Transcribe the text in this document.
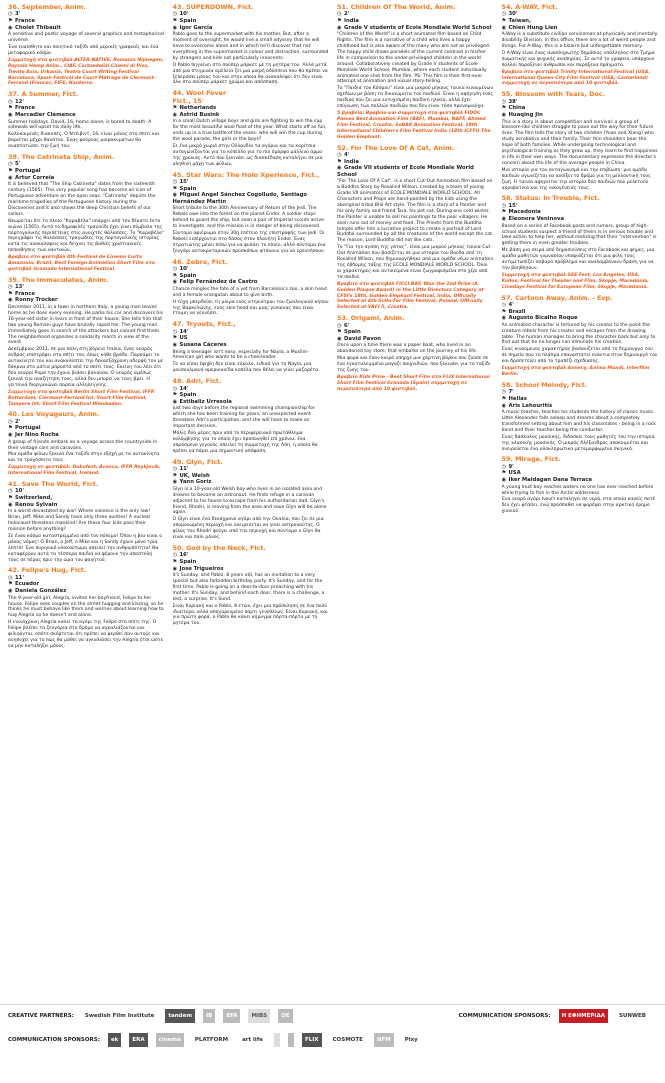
36. September, Anim.
◷ 3'
⚑ France
◉ Cholet Thibault
A sensitive and poetic voyage of several graphics and metaphorical universe.
Ένα ευαίσθητο και ποιητικό ταξίδι από μερικές γραφικές και ένα μεταφορικό κόσμο.
Συμμετοχή στα φεστιβάλ ALTER-NATIVE, Romania Nijmegen, Paysala Hemp Anim., CIAF, Cortoedelizi Cinemi di Pisa, Trento Asia, Urbania, Teatro Court Writing Festival Barcelona, Spain Festival de Court Métrage de Clermont-Ferrand (France), FIFE, Nanterre.
37. A Summer, Fict.
◷ 12'
⚑ France
◉ Marcadier Clémence
Summer holidays. David, 16, home alone, is bored to death. A sidewalk will upset his daily life.
Καλοκαιρινές διακοπές. Ο Ντέιβιντ, 16, είναι μόνος στο σπίτι και βαριέται μέχρι θανάτου. Ένας φούρνος μικροκυμάτων θα αναστατώσει την ζωή του.
38. The Catrineta Ship, Anim.
◷ 5'
⚑ Portugal
◉ Artur Correia
It is believed that "The Ship Catrineta" dates from the sixteenth century (1565). This very popular song has become an icon of Portuguese adventure on the open seas. "Catrineta" depicts the maritime tragedies of the Portuguese history during the Discoveries and it also shows the deep Christian beliefs of our sailors.
Θεωρείται ότι το πλοίο "Καραβέλα" υπάρχει από τον δέκατο έκτο αιώνα (1565). Αυτό το δημοφιλές τραγούδι έχει γίνει σύμβολο της πορτογαλικής περιπέτειας στις ανοιχτές θάλασσες. Το "Καραβέλα" περιγράφει τις θαλάσσιες τραγωδίες της πορτογαλικής ιστορίας κατά τις ανακαλύψεις και δείχνει τις βαθιές χριστιανικές πεποιθήσεις των ναυτικών.
Βραβείο στο φεστιβάλ 4th Festival de Cinema Curta Amazonia, Brazil, Best Foreign Animation Short Film στο φεστιβάλ Gramado International Festival.
39. The Immaculates, Anim.
◷ 13'
⚑ France
◉ Ronny Trocker
December 2011, in a town in northern Italy, a young man leaves home as he does every evening. He parks his car and discovers his 16-year-old sister in tears in front of their house: She tells him that two young Romani guys have brutally raped her. The young man immediately goes in search of the attackers but cannot find them. The neighborhood organizes a solidarity march in view of the event.
Δεκέμβριος 2011, σε μια πόλη στη βόρεια Ιταλία, ένας νεαρός άνδρας επιστρέφει στο σπίτι του, όπως κάθε βράδυ. Παρκάρει το αυτοκίνητό του και ανακαλύπτει την δεκαεξάχρονη αδερφή του με δάκρυα στο μάτια μπροστά από το σπίτι τους. Εκείνη του λέει ότι δύο νεαροί Ρομά την έχουν βιάσει βάναυσα. Ο νεαρός αμέσως ξεκινά την αναζήτηση τους, αλλά δεν μπορεί να τους βρει. Η γειτονιά διοργανώνει πορεία αλληλεγγύης.
Συμμετοχή στα φεστιβάλ Berlin Short Film Festival, IFFR Rotterdam, Clermont-Ferrand Int. Short Film Festival, Tampere Int. Short Film Festival Wiesbaden.
40. Les Voyageurs, Anim.
◷ 2'
⚑ Portugal
◉ Jer Nino Rocha
A group of friends embark on a voyage across the countryside in their vintage cars and caravans.
Μια ομάδα φίλων ξεκινά ένα ταξίδι στην εξοχή με τα αυτοκίνητα και τα τροχόσπιτα τους.
Συμμετοχή σε φεστιβάλ: Dokufest, Avanca, IFFR Reykjavik, International Film Festival, Iceland.
41. Save The World, Fict.
◷ 10'
⚑ Switzerland,
◉ Renou Sylvain
In a world devastated by war! Where violence is the only law! Brian, Jeff, Mike and Sandy have only three aunties! A nuclear holocaust threatens mankind! Are these four kids pass their mission before anything?
Σε έναν κόσμο καταστρεμμένο από τον πόλεμο! Όπου η βία είναι ο μόνος νόμος! Ο Brian, ο Jeff, ο Mike και η Sandy έχουν μόνο τρία λεπτά! Ένα πυρηνικό ολοκαύτωμα απειλεί την ανθρωπότητα! Θα καταφέρουν αυτά τα τέσσερα παιδιά να φέρουν την αποστολή τους σε πέρας πριν την ώρα του φαγητού;
42. Felipe's Hug, Fict.
◷ 11'
⚑ Ecuador
◉ Daniela González
The 9-year-old girl, Alegría, invites her boyfriend, Felipe to her house. Felipe sees couples on the street hugging and kissing, so he thinks he must behave like them and worries about learning how to hug Alegría so he doesn't end alone.
Η εννιάχρονη Alegría καλεί το αγόρι της Felipe στο σπίτι της. Ο Felipe βλέπει τα ζευγάρια στο δρόμο να αγκαλιάζονται και φιλιούνται, οπότε σκέφτεται ότι πρέπει να φερθεί σαν αυτούς και ανησυχεί για το πώς θα μάθει να αγκαλιάσει την Alegría έτσι ώστε να μην καταλήξει μόνος.
43. SUPERDOWN, Fict.
◷ 10'
⚑ Spain
◉ Igor García
Pablo goes to the supermarket with his mother. But, after a moment of oversight, he would live a small odyssey that he will have to overcome alone and in which he'll discover that not everything in the supermarket is colour and distraction, surrounded by strangers and kids not particularly innocents.
Ο Pablo πηγαίνει στο σούπερ μάρκετ με τη μητέρα του. Αλλά μετά από μια στιγμιαία αμέλεια ζει μια μικρή οδύσσεια που θα πρέπει να ξεπεράσει μόνος του και στην οποία θα ανακαλύψει ότι δεν είναι όλα στο σούπερ μάρκετ χρώμα και απόσπαση.
44. Wool Fever
Fict., 15'
⚑ Netherlands
◉ Astrid Busink
In a small Dutch village boys and girls are fighting to win the cup for the most beautiful wool float of the year. What starts off as fun, ends up in a true battle of the sexes: who will win the cup during the wool parade, the girls or the boys?
Σε ένα μικρό χωριό στην Ολλανδία τα αγόρια και τα κορίτσια ανταγωνίζονται για το κύπελλο για το πιο όμορφο μάλλινο άρμα της χρονιάς. Αυτό που ξεκινάει ως διασκέδαση καταλήγει σε μια αληθινή μάχη των φύλων.
45. Star Wars: The Holo Xperience, Fict.,
◷ 15'
⚑ Spain
◉ Miguel Angel Sánchez Cogolludo, Santiago Hernández Martín
Short tribute to the 30th Anniversary of Return of the Jedi. The Rebels owe into the forest on the planet Endor. A soldier stays behind to guard the ship, but soon a pair of Imperial scouts arrive to investigate, and the mission is in danger of being discovered.
Σύντομο αφιέρωμα στην 30ή επέτειο της επιστροφής των Jedi. Οι Rebels εισέρχονται στο δάσος στον πλανήτη Endor. Ένας στρατιώτης μένει πίσω για να φυλάει το πλοίο, αλλά σύντομα ένα ζευγάρι αυτοκρατορικών προσκόπων φτάνουν για να ερευνήσουν.
46. Zebra, Fict.
◷ 10'
⚑ Spain
◉ Felip Fernández de Castro
Chance mingles the fate of a vet from Barcelona's zoo, a skin head and a female orangutan about to give birth.
Η τύχη μπερδεύει τη μοίρα ενός κτηνιάτρου του ζωολογικού κήπου της Βαρκελώνης, ενός skin head και μιας γυναίκας που είναι έτοιμη να γεννήσει.
47. Tryouts, Fict.,
◷ 14'
⚑ US
◉ Susana Cáceres
Being a teenager isn't easy, especially for Nayla, a Muslim-American girl who wants to be a cheerleader.
Το να είσαι έφηβη δεν είναι εύκολο, ειδικά για τη Nayla, μια μουσουλμανή-αμερικανίδα κοπέλα που θέλει να γίνει μαζορέτα.
48. Adri, Fict.
◷ 14'
⚑ Spain
◉ Estibaliz Urresola
Just two days before the regional swimming championship for which she has been training for years, an unexpected event threatens Adri's participation, and she will have to make an important decision.
Μόλις δύο μέρες πριν από το περιφερειακό πρωτάθλημα κολύμβησης για το οποίο έχει προπονηθεί επί χρόνια, ένα απρόσμενο γεγονός απειλεί τη συμμετοχή της Adri, η οποία θα πρέπει να πάρει μια σημαντική απόφαση.
49. Glyn, Fict.
◷ 11'
⚑ UK, Welsh
◉ Yann Goriz
Glyn is a 10-year-old Welsh boy who lives in an isolated area and dreams to become an astronaut. He finds refuge in a caravan adjacent to his house to escape from his authoritarian dad. Glyn's friend, Rhodri, is moving from the area and soon Glyn will be alone again.
Ο Glyn είναι ένα δεκάχρονο αγόρι από την Ουαλία, που ζει σε μια απομονωμένη περιοχή και ονειρεύεται να γίνει αστροναύτης. Ο φίλος του Rhodri φεύγει από την περιοχή και σύντομα ο Glyn θα είναι και πάλι μόνος.
50. God by the Neck, Fict.
◷ 16'
⚑ Spain
◉ Jose Trigueiros
It's Sunday, and Pablo, 8 years old, has an invitation to a very special but also forbidden birthday party. It's Sunday, and for the first time, Pablo is going on a door-to-door preaching with his mother. It's Sunday, and behind each door, there is a challenge, a test, a surprise. It's Sund.
Είναι Κυριακή και ο Pablo, 8 ετών, έχει μια πρόσκληση σε ένα πολύ ιδιαίτερο, αλλά απαγορευμένο πάρτι γενεθλίων. Είναι Κυριακή, και για πρώτη φορά, ο Pablo θα κάνει κήρυγμα πόρτα-πόρτα με τη μητέρα του.
51. Children Of The World, Anim.
◷ 2'
⚑ India
◉ Grade V students of Ecole Mondiale World School
"Children of the World" is a short animated film based on Child Rights. The film is a narrative of a child who lives a happy childhood but is also aware of the many who are not as privileged. The happy child draws parallels of the current contrast in his/her life in comparison to the under-privileged children in the world around. Collaboratively created by Grade V students of Ecole Mondiale World School, Mumbai, where each student individually animated one shot from the film. PS: This film is their first-ever attempt at animation and visual story-telling.
Το "Παιδιά του Κόσμου" είναι μια μικρού μήκους ταινία κινουμένων σχεδίων με βάση τα δικαιώματα του παιδιού. Είναι η αφήγηση ενός παιδιού που ζει μια ευτυχισμένη παιδική ηλικία, αλλά έχει επίγνωση των πολλών παιδιών που δεν είναι τόσο προνομιούχα.
5 βραβεία: Βραβείο και συμμετοχή στα φεστιβάλ FIDOC Passes Best Animation Film (BAF), Mumbai, NAFF, Ahmed Film Festival, Croatia, SoBAK Animation Festival, 18th International Children's Film Festival India (18th ICFFI) The Golden Elephant.
52. For The Love Of A Cat, Anim.
◷ 4'
⚑ India
◉ Grade VII students of Ecole Mondiale World School
"For The Love Of A Cat", is a short Cut-Out Animation film based on a Buddha Story by Rosalind Wilson, created by a team of young Grade VII animators of ECOLE MONDIALE WORLD SCHOOL. All Characters and Props are hand-painted by the kids using the aboriginal tribal Bhil Art style. The film is a story of a Painter and his only family and friend Tara, his pet cat. During one cold winter, the Painter is unable to sell his paintings to the poor villagers. He soon runs out of money and food. The Priests from the Buddha temple offer him a lucrative project to create a portrait of Lord Buddha surrounded by all the creatures of the world except the cat. The reason, Lord Buddha did not like cats.
Το "Για την αγάπη της γάτας", είναι μια μικρού μήκους ταινία Cut-Out Animation που βασίζεται σε μια ιστορία του Βούδα από τη Rosalind Wilson, που δημιουργήθηκε από μια ομάδα νέων animators της έβδομης τάξης της ECOLE MONDIALE WORLD SCHOOL. Όλοι οι χαρακτήρες και αντικείμενα είναι ζωγραφισμένα στο χέρι από τα παιδιά.
Βραβείο στο φεστιβάλ FICCI BAF, Won the 2nd Prize (A Golden Plaque Award) in the Little Directors Category at CFSI's 18th, Golden Elephant Festival, India, Officially Selected at 4th ScHo-Fer Film Festival, Poland, Officially Selected at VAFI 5, Croatia.
53. Origami, Anim.
◷ 6'
⚑ Spain
◉ David Pavon
Once upon a time there was a paper boat, who lived in an abandoned toy store, that embarks on the journey of his life.
Μια φορά και έναν καιρό υπήρχε μια χάρτινη βάρκα που ζούσε σε ένα εγκαταλειμμένο μαγαζί παιχνιδιών, που ξεκινάει για το ταξίδι της ζωής του.
Βραβείο Kids Prize - Best Short Film στο FLIX International Short Film Festival Granada (Spain) συμμετοχή σε περισσότερα από 10 φεστιβάλ.
54. A-WAY, Fict.
◷ 30'
⚑ Taiwan,
◉ Chien Hung Lien
A-Way is a substitute civilian serviceman at physically and mentally disability Division. In this office, there are a lot of weird people and things. For A-Way, this is a bizarre but unforgettable memory.
Ο A-Way είναι ένας αναπληρωτής δημόσιος υπάλληλος στο Τμήμα σωματικής και ψυχικής αναπηρίας. Σε αυτό το γραφείο, υπάρχουν πολλοί παράξενοι άνθρωποι και παράξενα πράγματα.
Βραβείο στο φεστιβάλ Trinity International Festival (USA, International Queen City Film Festival (USA, Canterland) συμμετοχή σε περισσότερα από 10 φεστιβάλ.
55. Blossom with Tears, Doc.
◷ 38'
⚑ China
◉ Huaqing Jin
This is a story is about competition and survival: a group of blossom-like children struggle to pave out the way for their future lives. The film tells the story of two children (Yuan and Xiang) who study acrobatics and their family. Their thin shoulders bear the hope of both families. While undergoing technological and psychological training as they grow up, they learn to find happiness in life in their own ways. The documentary expresses the director's concern about the life of the average people in China.
Μια ιστορία για τον ανταγωνισμό και την επιβίωση: μια ομάδα παιδιών αγωνίζεται να ανοίξει το δρόμο για τη μελλοντική τους ζωή. Η ταινία αφηγείται την ιστορία δύο παιδιών που μελετούν ακροβατικά και της οικογένειάς τους.
56. Status: In Trouble, Fict.
◷ 15'
⚑ Macedonia
◉ Eleonora Veninova
Based on a series of Facebook posts and rumors, group of high-school students suspect a friend of theirs is in serious trouble and take action to help her, without realizing that their "intervention" is getting them in even greater troubles.
Με βάση μια σειρά από δημοσιεύσεις στο Facebook και φήμες, μια ομάδα μαθητών γυμνασίου υποψιάζεται ότι μια φίλη τους αντιμετωπίζει σοβαρό πρόβλημα και αναλαμβάνουν δράση για να την βοηθήσουν.
Συμμετοχή στα φεστιβάλ SEE Fest, Los Angeles, USA, Kallos, Festival for Theater and Film, Skopje, Macedonia, Cinedays Festival for European Film, Skopje, Macedonia.
57. Cartoon Away, Anim. - Exp.
◷ 4'
⚑ Brazil
◉ Augusto Bicalho Roque
An animated character is tortured by his creator to the point the creature rebels from his creator and escapes from the drawing table. The human manages to bring the character back but only to find out that he no longer can eliminate his creation.
Ένας κινούμενος χαρακτήρας βασανίζεται από το δημιουργό του σε σημείο που το πλάσμα επαναστατεί ενάντια στον δημιουργό του και δραπετεύει από το τραπέζι σχεδίασης.
Συμμετοχή στα φεστιβάλ Annecy, Anima Mundi, Interfilm Berlin.
58. School Melody, Fict.
◷ 7'
⚑ Hellas
◉ Aris Lehouritis
A music teacher, teaches his students the history of classic music. Little Alexander falls asleep and dreams about a completely transformed setting about him and his classmates - being in a rock band and their teacher being the conductor.
Ένας δάσκαλος μουσικής, διδάσκει τους μαθητές του την ιστορία της κλασικής μουσικής. Ο μικρός Αλέξανδρος αποκοιμιέται και ονειρεύεται ένα ολοκληρωτικά μεταμορφωμένο σκηνικό.
59. Mirage, Fict.
◷ 9'
⚑ USA
◉ Iker Maidagan Dana Terrace
A young Inuit boy reaches waters no one has ever reached before while trying to fish in the Arctic wilderness.
Ένα νεαρό αγόρι Ινουίτ καταλήγει σε νερά, στα οποία κανείς ποτέ δεν έχει φτάσει, ενώ προσπαθεί να ψαρέψει στην αρκτική έρημο χιονιού.
CREATIVE PARTNERS:	Swedish Film Institute	tandem	IB	EFA	MIBS	OE	COMMUNICATION SPONSORS:	Η ΕΦΗΜΕΡΙΔΑ	SUNWEB
COMMUNICATION SPONSORS:	ek	ERA	cinema	PLATFORM	art life	FLIX	COSMOTE	NFM	Pixy
